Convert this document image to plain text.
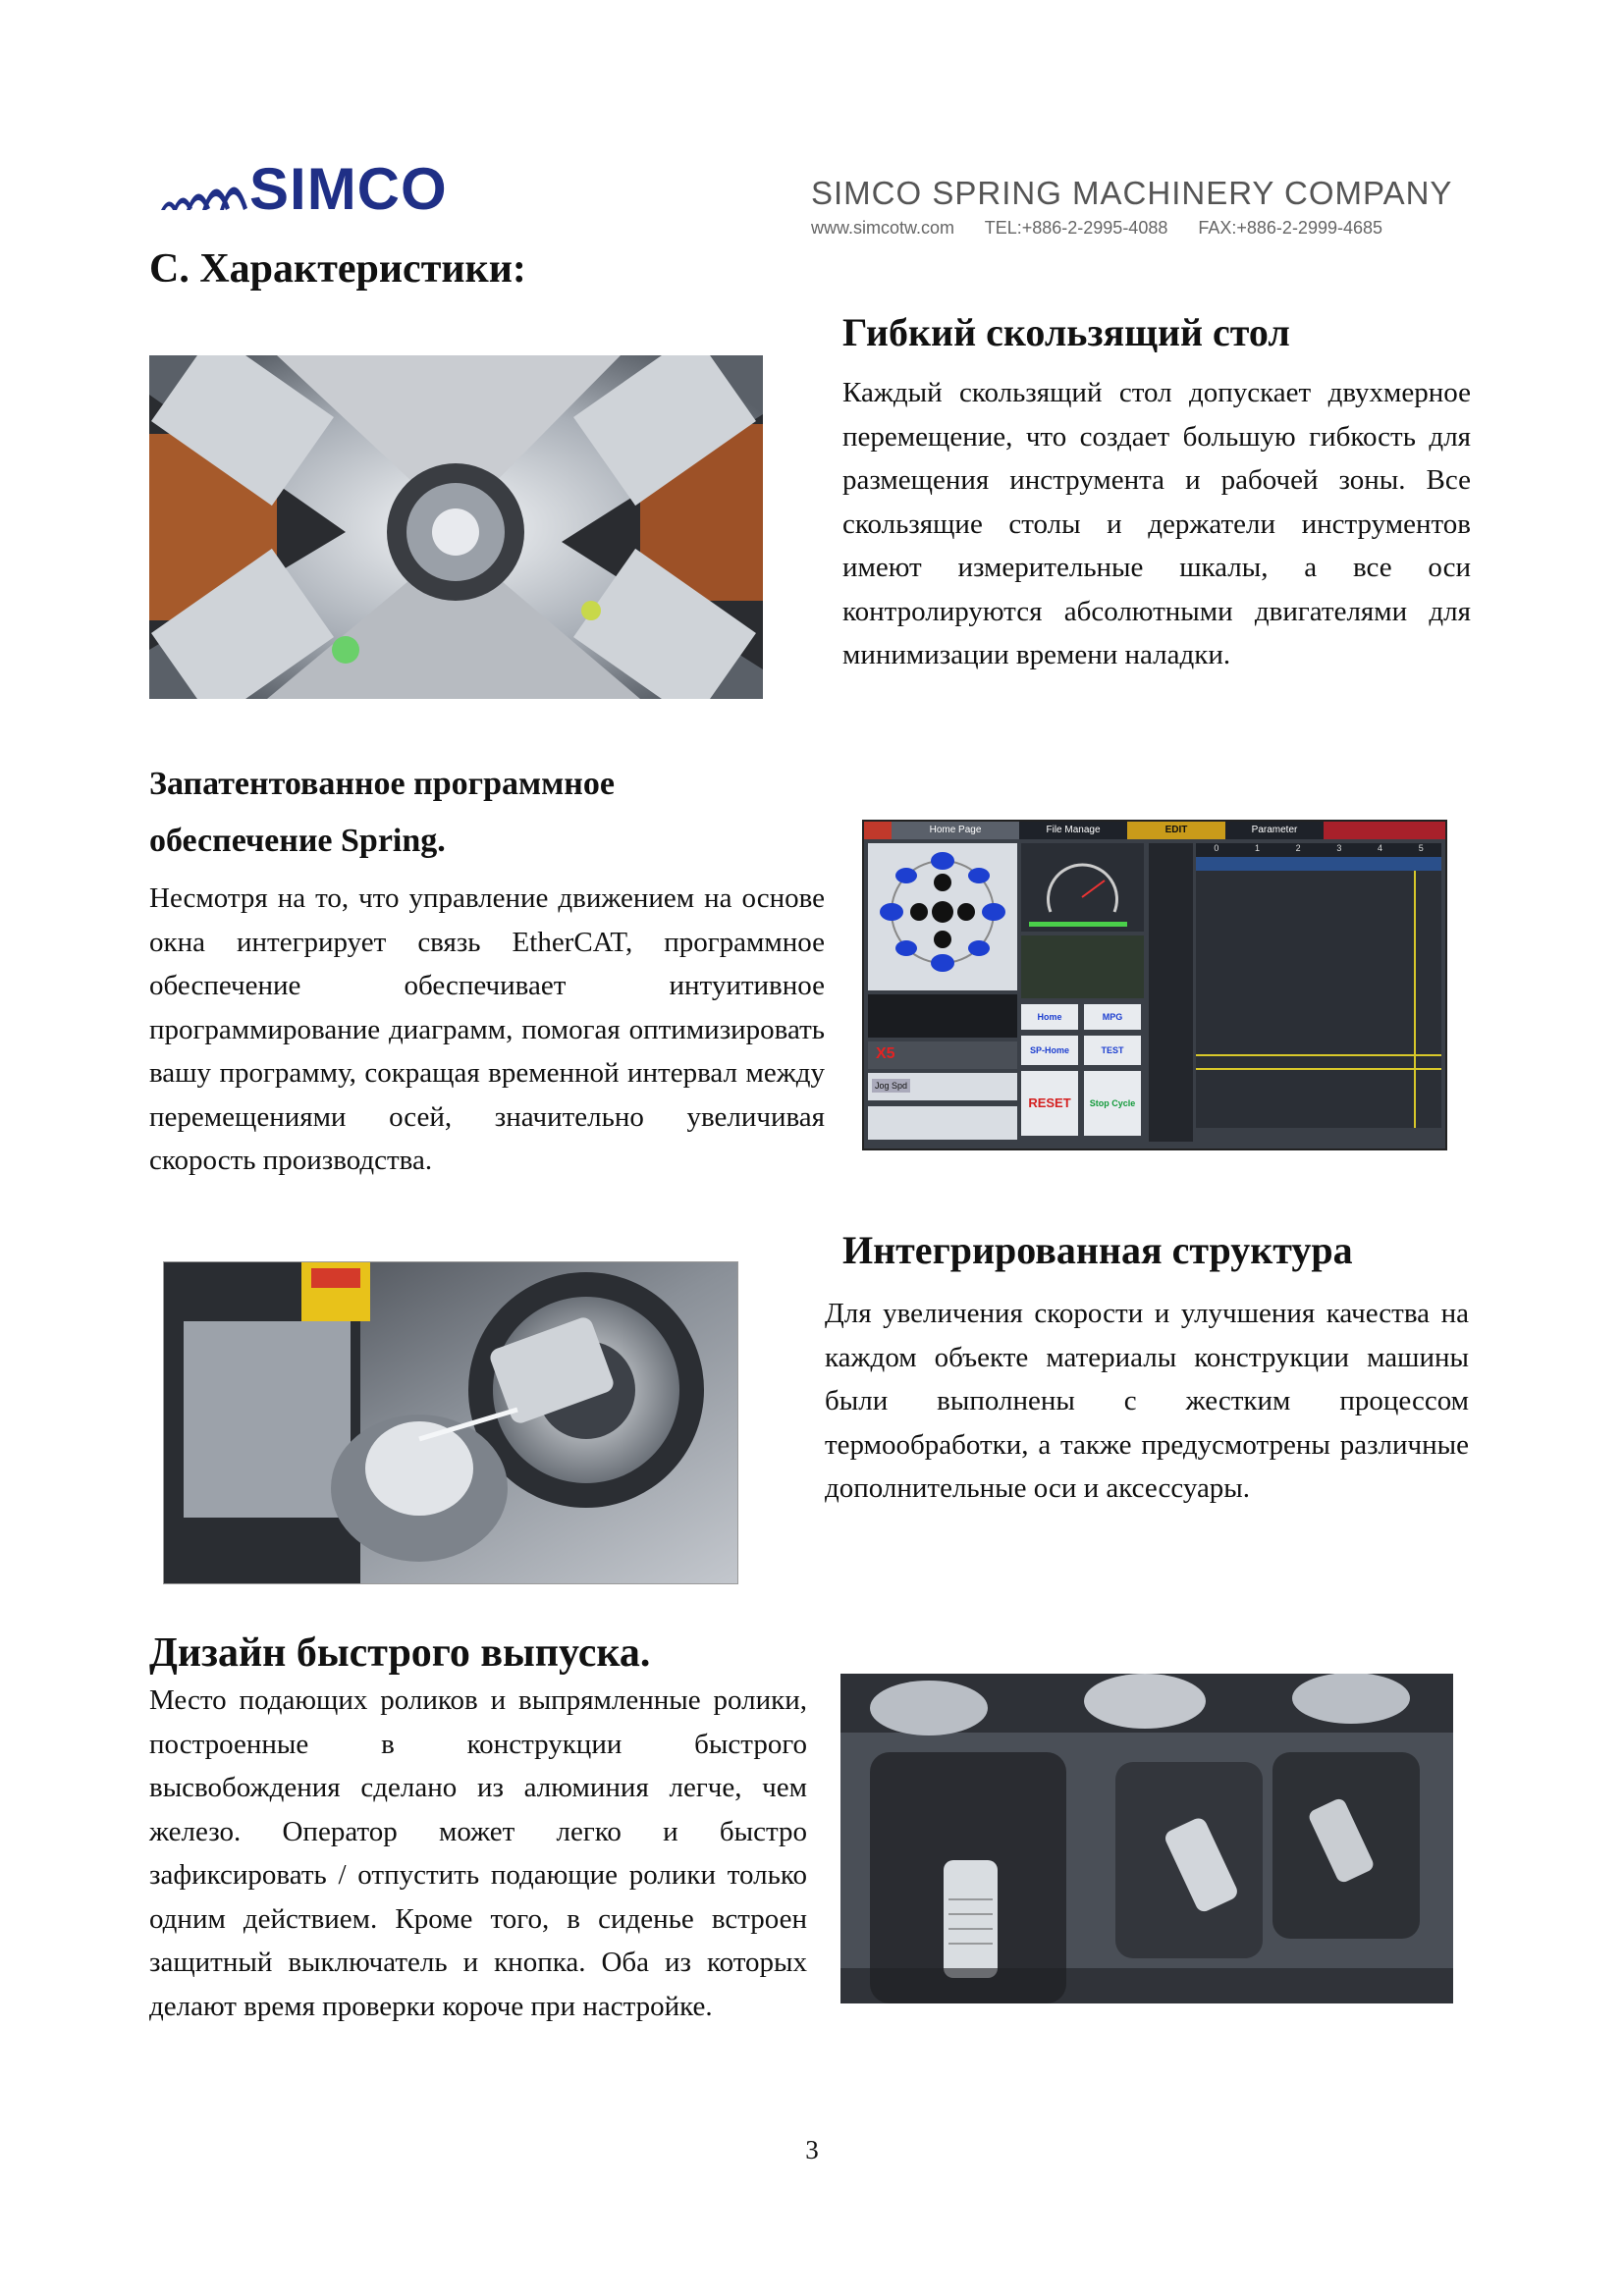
SIMCO	SIMCO SPRING MACHINERY COMPANY
www.simcotw.com TEL:+886-2-2995-4088 FAX:+886-2-2999-4685
C. Характеристики:
Гибкий скользящий стол

Каждый скользящий стол допускает двухмерное перемещение, что создает большую гибкость для размещения инструмента и рабочей зоны. Все скользящие столы и держатели инструментов имеют измерительные шкалы, а все оси контролируются абсолютными двигателями для минимизации времени наладки.

Запатентованное программное
обеспечение Spring.

Несмотря на то, что управление движением на основе окна интегрирует связь EtherCAT, программное обеспечение обеспечивает интуитивное программирование диаграмм, помогая оптимизировать вашу программу, сокращая временной интервал между перемещениями осей, значительно увеличивая скорость производства.

Home Page	File Manage	EDIT	Parameter
X5
Jog Spd
Home	MPG
SP-Home	TEST
RESET	Stop Cycle
0	1	2	3	4	5
Интегрированная структура

Для увеличения скорости и улучшения качества на каждом объекте материалы конструкции машины были выполнены с жестким процессом термообработки, а также предусмотрены различные дополнительные оси и аксессуары.

Дизайн быстрого выпуска.

Место подающих роликов и выпрямленные ролики, построенные в конструкции быстрого высвобождения сделано из алюминия легче, чем железо. Оператор может легко и быстро зафиксировать / отпустить подающие ролики только одним действием. Кроме того, в сиденье встроен защитный выключатель и кнопка. Оба из которых делают время проверки короче при настройке.

3
